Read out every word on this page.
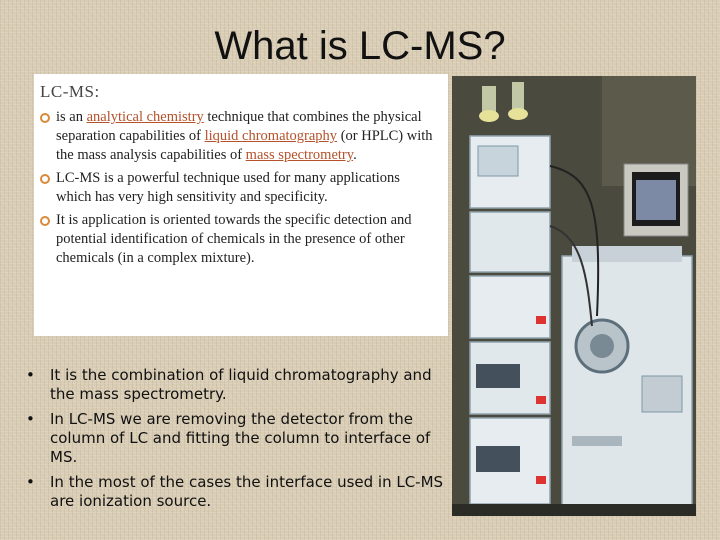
What is LC-MS?
LC-MS:
is an analytical chemistry technique that combines the physical separation capabilities of liquid chromatography (or HPLC) with the mass analysis capabilities of mass spectrometry.
LC-MS is a powerful technique used for many applications which has very high sensitivity and specificity.
It is application is oriented towards the specific detection and potential identification of chemicals in the presence of other chemicals (in a complex mixture).
• It is the combination of liquid chromatography and the mass spectrometry.
• In LC-MS we are removing the detector from the column of LC and fitting the column to interface of MS.
• In the most of the cases the interface used in LC-MS are ionization source.
